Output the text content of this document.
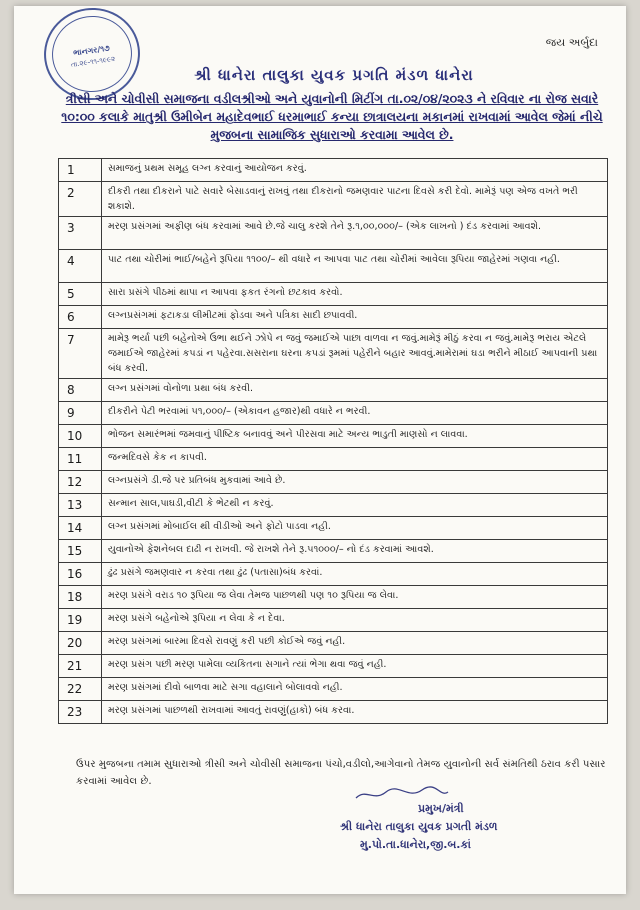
ભાનગર/૧૭
તા.૨૯-૧૧-૧૯૯૨
જય અર્બુદા
શ્રી ધાનેરા તાલુકા યુવક પ્રગતિ મંડળ ધાનેરા
ત્રીસી અને ચોવીસી સમાજના વડીલશ્રીઓ અને યુવાનોની મિટીંગ તા.૦૨/૦૪/૨૦૨૩ ને રવિવાર ના રોજ સવારે ૧૦:૦૦ કલાકે માતુશ્રી ઉમીબેન મહાદેવભાઈ ધરમાભાઈ કન્યા છાત્રાલયના મકાનમાં રાખવામાં આવેલ જેમાં નીચે મુજબના સામાજિક સુધારાઓ કરવામા આવેલ છે.
1	સમાજનું પ્રથમ સમૂહ લગ્ન કરવાનું આયોજન કરવું.
2	દીકરી તથા દીકરાને પાટે સવારે બેસાડવાનું રાખવું તથા દીકરાનો જમણવાર પાટના દિવસે કરી દેવો. મામેરૂં પણ એજ વખતે ભરી શકાશે.
3	મરણ પ્રસંગમાં અફીણ બંધ કરવામાં આવે છે.જે ચાલુ કરશે તેને રૂ.૧,૦૦,૦૦૦/– (એક લાખનો ) દંડ કરવામાં આવશે.
4	પાટ તથા ચોરીમાં ભાઈ/બહેને રૂપિયા ૧૧૦૦/– થી વધારે ન આપવા પાટ તથા ચોરીમાં આવેલા રૂપિયા જાહેરમાં ગણવા નહી.
5	સારા પ્રસંગે પીઠમાં થાપા ન આપવા ફકત રંગનો છટકાવ કરવો.
6	લગ્નપ્રસંગમાં ફટાકડા લીમીટમાં ફોડવા અને પત્રિકા સાદી છપાવવી.
7	મામેરૂ ભર્યા પછી બહેનોએ ઉભા થઈને ઝોપે ન જવું જમાઈએ પાછા વાળવા ન જવું.મામેરૂં મીઠું કરવા ન જવું.મામેરૂ ભરાય એટલે જમાઈએ જાહેરમાં કપડાં ન પહેરવા.સસરાના ઘરના કપડાં રૂમમાં પહેરીને બહાર આવવું.મામેરામાં ઘડા ભરીને મીઠાઈ આપવાની પ્રથા બંધ કરવી.
8	લગ્ન પ્રસંગમાં વોનોળા પ્રથા બંધ કરવી.
9	દીકરીને પેટી ભરવામાં ૫૧,૦૦૦/– (એકાવન હજાર)થી વધારે ન ભરવી.
10	ભોજન સમારંભમાં જમવાનું પીષ્ટિક બનાવવું અને પીરસવા માટે અન્ય ભાડુતી માણસો ન લાવવા.
11	જન્મદિવસે કેક ન કાપવી.
12	લગ્નપ્રસંગે ડી.જે પર પ્રતિબંધ મુકવામાં આવે છે.
13	સન્માન સાલ,પાઘડી,વીટી કે ભેટથી ન કરવું.
14	લગ્ન પ્રસંગમાં મોબાઈલ થી વીડીઓ અને ફોટો પાડવા નહી.
15	યુવાનોએ ફેશનેબલ દાઢી ન રાખવી. જે રાખશે તેને રૂ.૫૧૦૦૦/– નો દંડ કરવામાં આવશે.
16	ઢુંઢ પ્રસંગે જમણવાર ન કરવા તથા ઢુંઢ (પતાસા)બંધ કરવાં.
18	મરણ પ્રસંગે વરાડ ૧૦ રૂપિયા જ લેવા તેમજ પાછળથી પણ ૧૦ રૂપિયા જ લેવા.
19	મરણ પ્રસંગે બહેનોએ રૂપિયા ન લેવા કે ન દેવા.
20	મરણ પ્રસંગમાં બારમા દિવસે રાવણું કરી પછી કોઈએ જવું નહી.
21	મરણ પ્રસંગ પછી મરણ પામેલા વ્યકિતના સગાને ત્યાં ભેગા થવા જવું નહી.
22	મરણ પ્રસંગમાં દીવો બાળવા માટે સગા વહાલાને બોલાવવો નહી.
23	મરણ પ્રસંગમાં પાછળથી રાખવામાં આવતું રાવણું(હાકો) બંધ કરવા.
ઉપર મુજબના તમામ સુધારાઓ ત્રીસી અને ચોવીસી સમાજના પંચો,વડીલો,આગેવાનો તેમજ યુવાનોની સર્વ સંમતિથી ઠરાવ કરી પસાર કરવામાં આવેલ છે.
પ્રમુખ/મંત્રી
શ્રી ધાનેરા તાલુકા યુવક પ્રગતી મંડળ
મુ.પો.તા.ધાનેરા,જી.બ.કાં
